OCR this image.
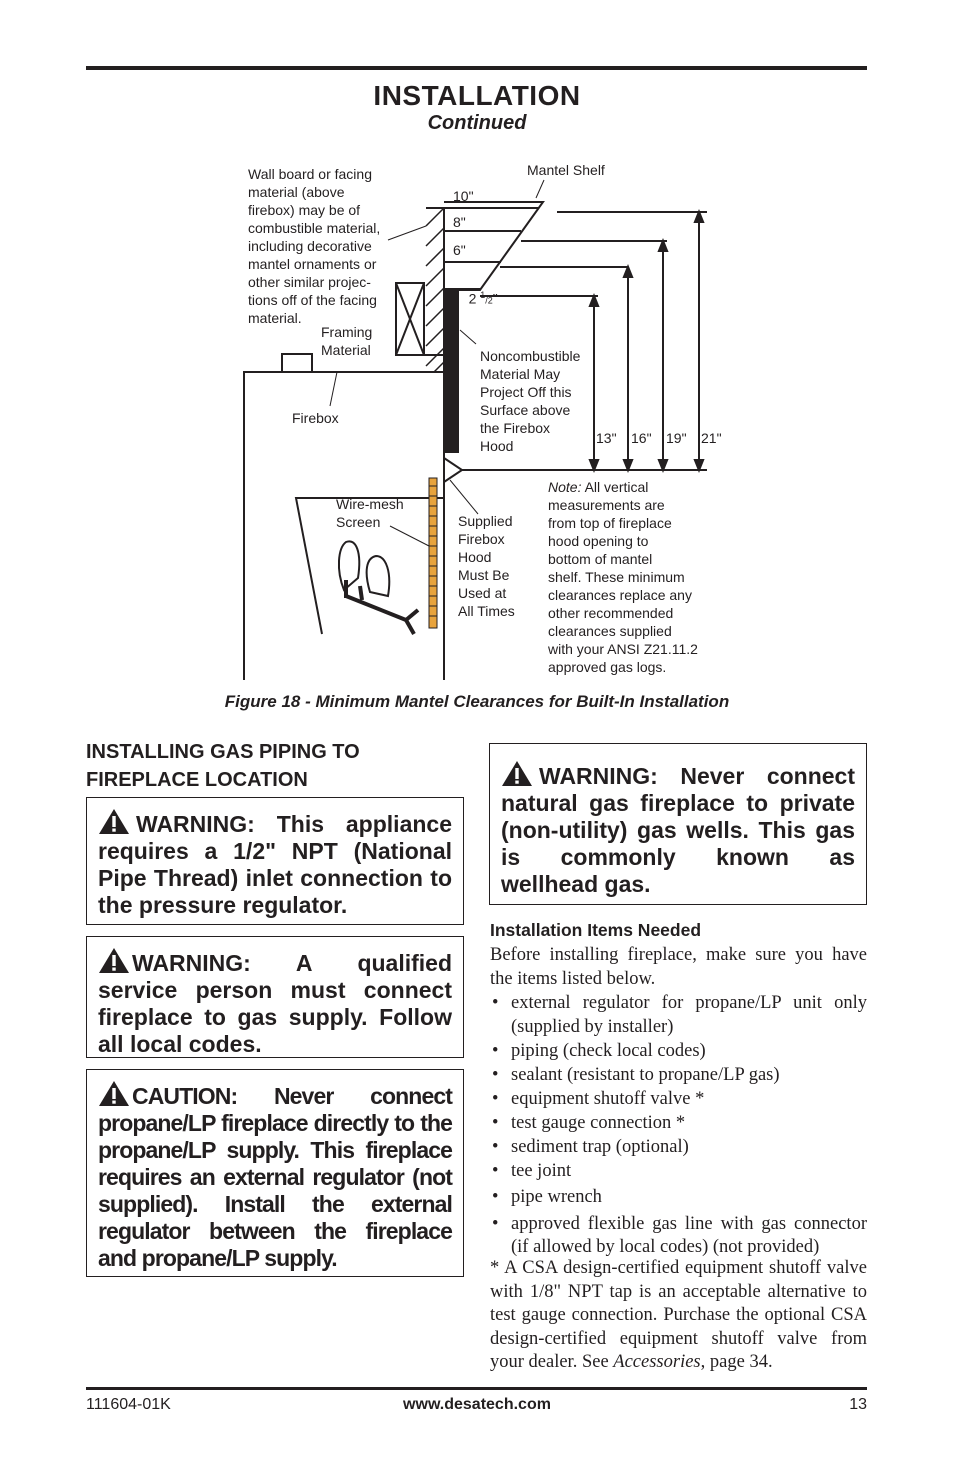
INSTALLATION
Continued
Wall board or facing
material (above
firebox) may be of
combustible material,
including decorative
mantel ornaments or
other similar projec-
tions off of the facing
material.
Mantel Shelf
Framing
Material
Firebox
Noncombustible
Material May
Project Off this
Surface above
the Firebox
Hood
Wire-mesh
Screen	Supplied
Firebox
Hood
Must Be
Used at
All Times
Note: All vertical
measurements are
from top of fireplace
hood opening to
bottom of mantel
shelf. These minimum
clearances replace any
other recommended
clearances supplied
with your ANSI Z21.11.2
approved gas logs.
10"
8"
6"

2 $^1$/2"

13" 16" 19" 21"
Figure 18 - Minimum Mantel Clearances for Built-In Installation
INSTALLING GAS PIPING TO
FIREPLACE LOCATION
WARNING: This appliance requires a 1/2" NPT (National Pipe Thread) inlet connection to the pressure regulator.
WARNING: A qualified service person must connect fireplace to gas supply. Follow all local codes.
CAUTION: Never connect propane/LP fireplace directly to the propane/LP supply. This fireplace requires an external regulator (not supplied). Install the external regulator between the fireplace and propane/LP supply.
WARNING: Never connect natural gas fireplace to private (non-utility) gas wells. This gas is commonly known as wellhead gas.
Installation Items Needed
Before installing fireplace, make sure you have the items listed below.
• external regulator for propane/LP unit only (supplied by installer)
• piping (check local codes)
• sealant (resistant to propane/LP gas)
• equipment shutoff valve *
• test gauge connection *
• sediment trap (optional)
• tee joint
• pipe wrench
• approved flexible gas line with gas connector (if allowed by local codes) (not provided)
* A CSA design-certified equipment shutoff valve with 1/8" NPT tap is an acceptable alternative to test gauge connection. Purchase the optional CSA design-certified equipment shutoff valve from your dealer. See Accessories, page 34.
111604-01K	www.desatech.com	13
